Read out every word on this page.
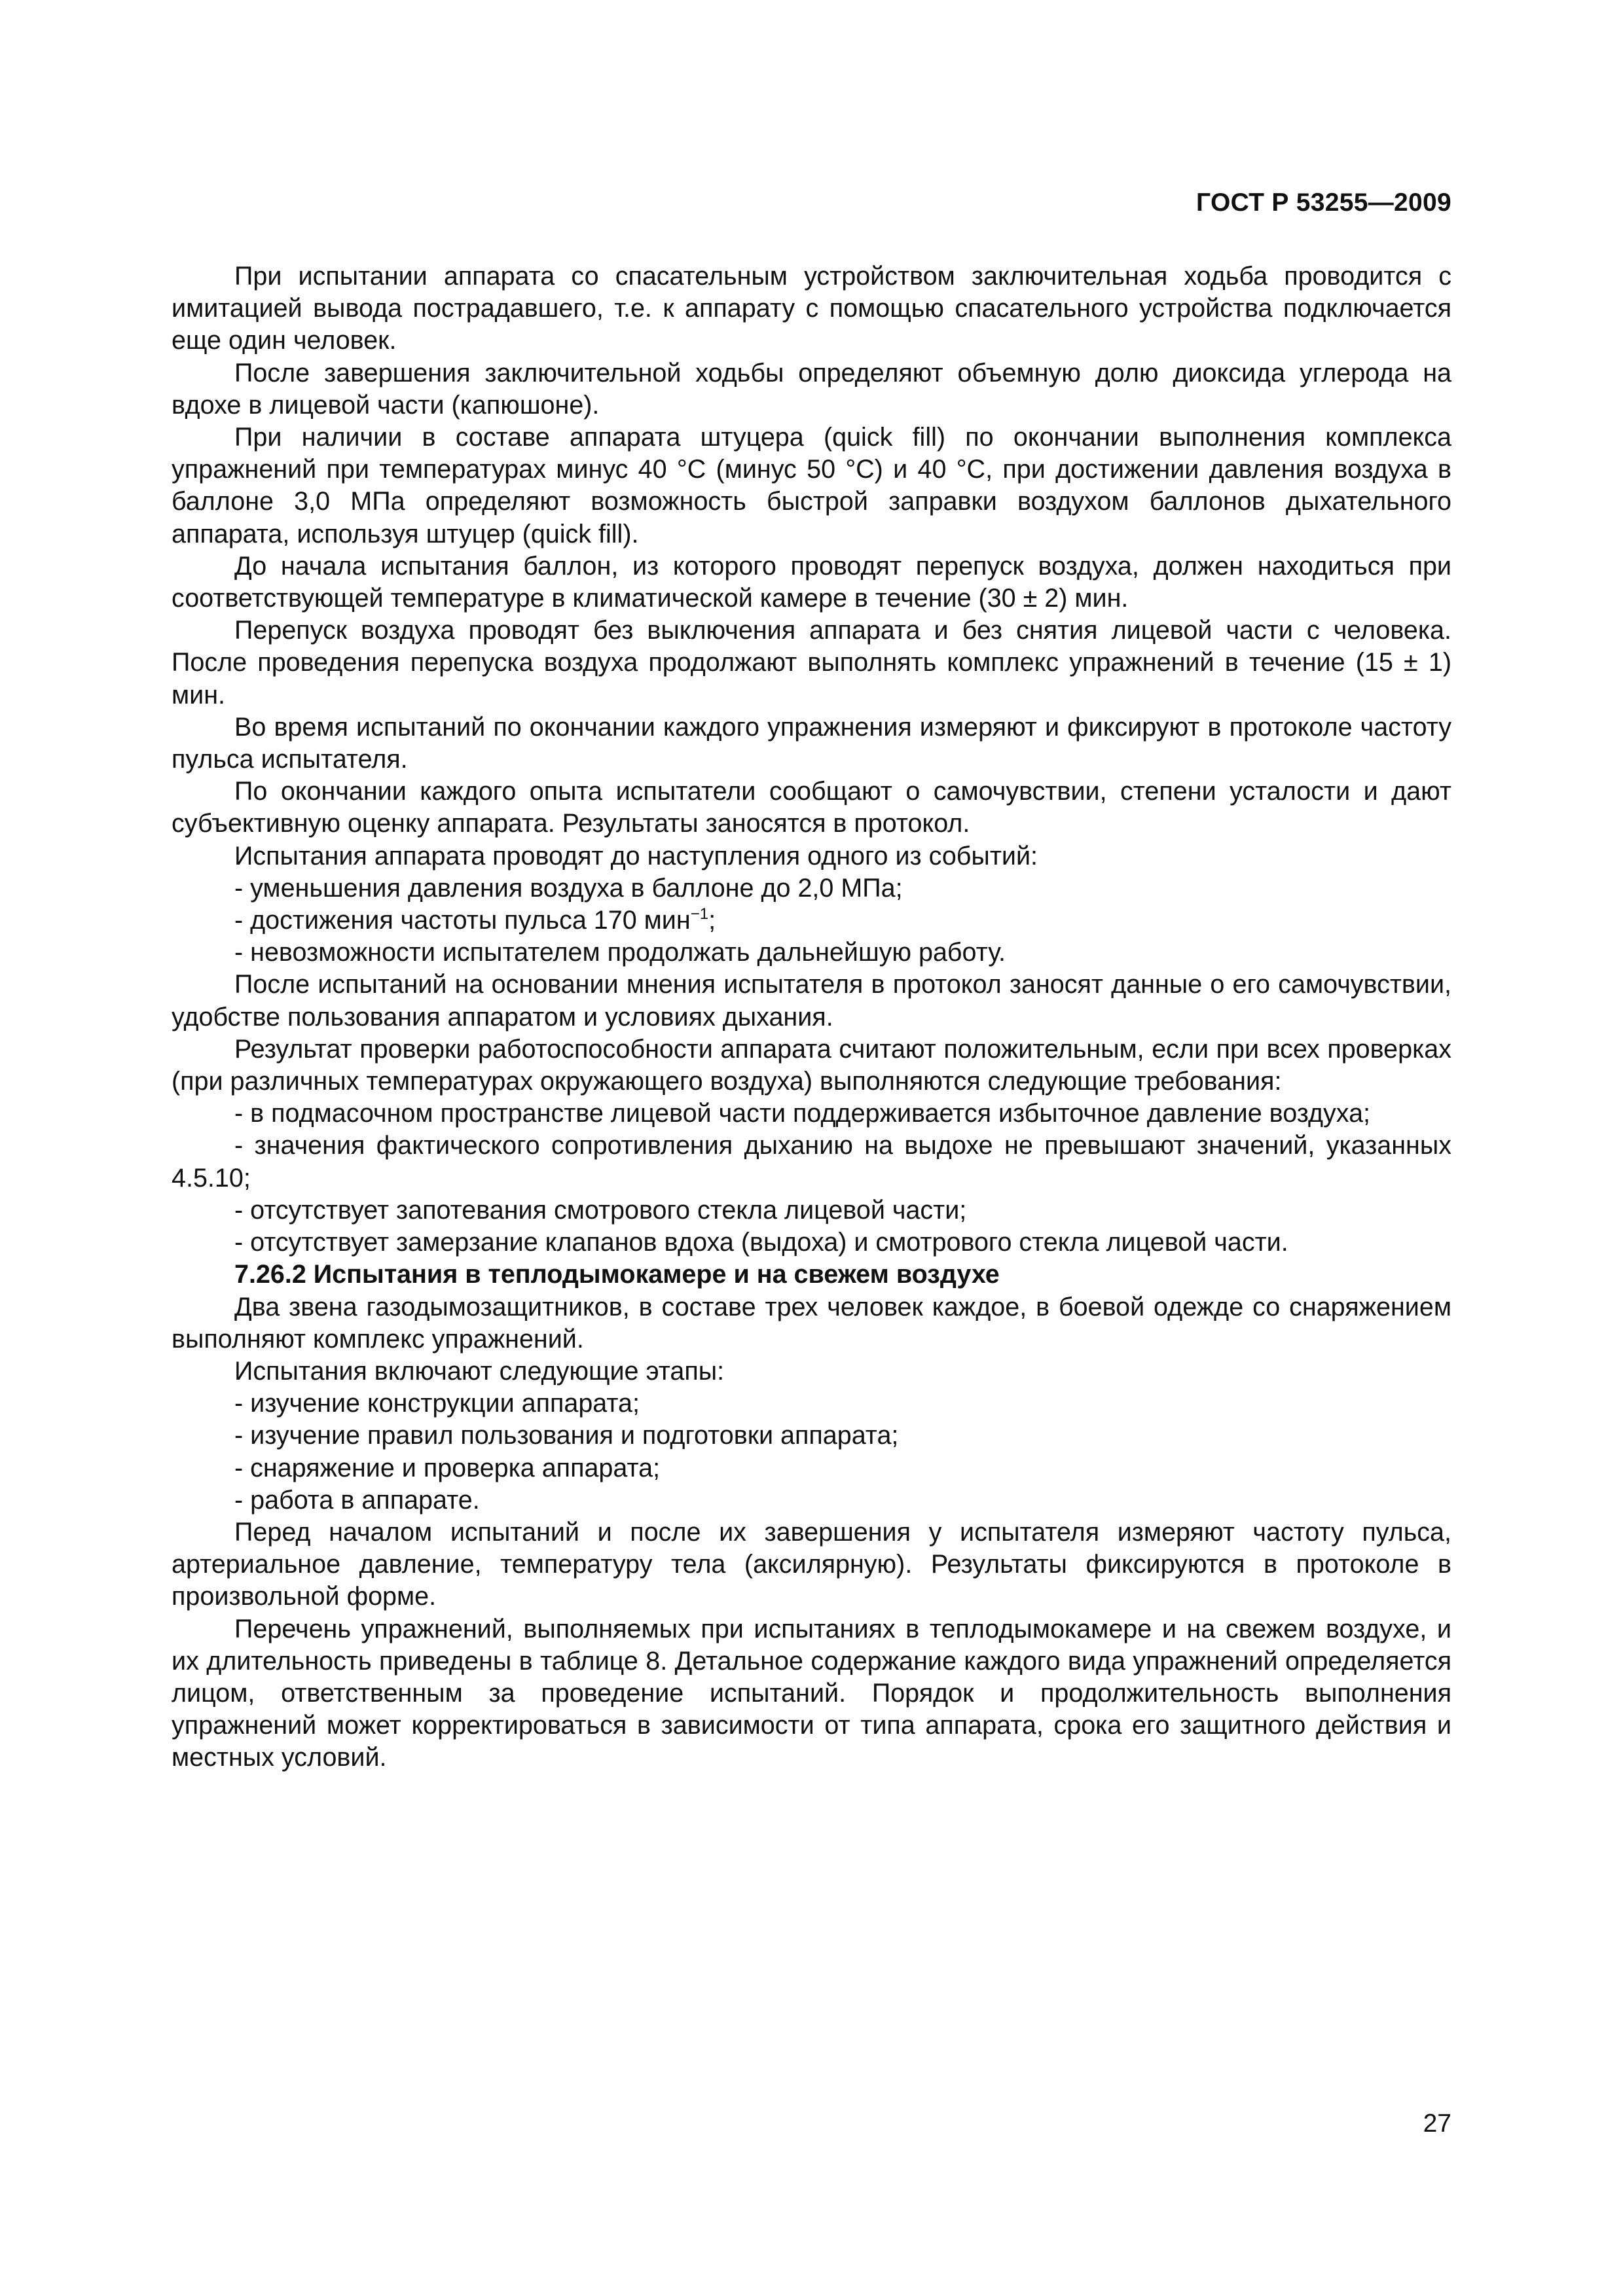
ГОСТ Р 53255—2009

При испытании аппарата со спасательным устройством заключительная ходьба проводится с имитацией вывода пострадавшего, т.е. к аппарату с помощью спасательного устройства подключается еще один человек.

После завершения заключительной ходьбы определяют объемную долю диоксида углерода на вдохе в лицевой части (капюшоне).

При наличии в составе аппарата штуцера (quick fill) по окончании выполнения комплекса упражнений при температурах минус 40 °С (минус 50 °С) и 40 °С, при достижении давления воздуха в баллоне 3,0 МПа определяют возможность быстрой заправки воздухом баллонов дыхательного аппарата, используя штуцер (quick fill).

До начала испытания баллон, из которого проводят перепуск воздуха, должен находиться при соответствующей температуре в климатической камере в течение (30 ± 2) мин.

Перепуск воздуха проводят без выключения аппарата и без снятия лицевой части с человека. После проведения перепуска воздуха продолжают выполнять комплекс упражнений в течение (15 ± 1) мин.

Во время испытаний по окончании каждого упражнения измеряют и фиксируют в протоколе частоту пульса испытателя.

По окончании каждого опыта испытатели сообщают о самочувствии, степени усталости и дают субъективную оценку аппарата. Результаты заносятся в протокол.

Испытания аппарата проводят до наступления одного из событий:

- уменьшения давления воздуха в баллоне до 2,0 МПа;

- достижения частоты пульса 170 мин$^{-1}$;

- невозможности испытателем продолжать дальнейшую работу.

После испытаний на основании мнения испытателя в протокол заносят данные о его самочувствии, удобстве пользования аппаратом и условиях дыхания.

Результат проверки работоспособности аппарата считают положительным, если при всех проверках (при различных температурах окружающего воздуха) выполняются следующие требования:

- в подмасочном пространстве лицевой части поддерживается избыточное давление воздуха;

- значения фактического сопротивления дыханию на выдохе не превышают значений, указанных 4.5.10;

- отсутствует запотевания смотрового стекла лицевой части;

- отсутствует замерзание клапанов вдоха (выдоха) и смотрового стекла лицевой части.

7.26.2 Испытания в теплодымокамере и на свежем воздухе

Два звена газодымозащитников, в составе трех человек каждое, в боевой одежде со снаряжением выполняют комплекс упражнений.

Испытания включают следующие этапы:

- изучение конструкции аппарата;

- изучение правил пользования и подготовки аппарата;

- снаряжение и проверка аппарата;

- работа в аппарате.

Перед началом испытаний и после их завершения у испытателя измеряют частоту пульса, артериальное давление, температуру тела (аксилярную). Результаты фиксируются в протоколе в произвольной форме.

Перечень упражнений, выполняемых при испытаниях в теплодымокамере и на свежем воздухе, и их длительность приведены в таблице 8. Детальное содержание каждого вида упражнений определяется лицом, ответственным за проведение испытаний. Порядок и продолжительность выполнения упражнений может корректироваться в зависимости от типа аппарата, срока его защитного действия и местных условий.

27
